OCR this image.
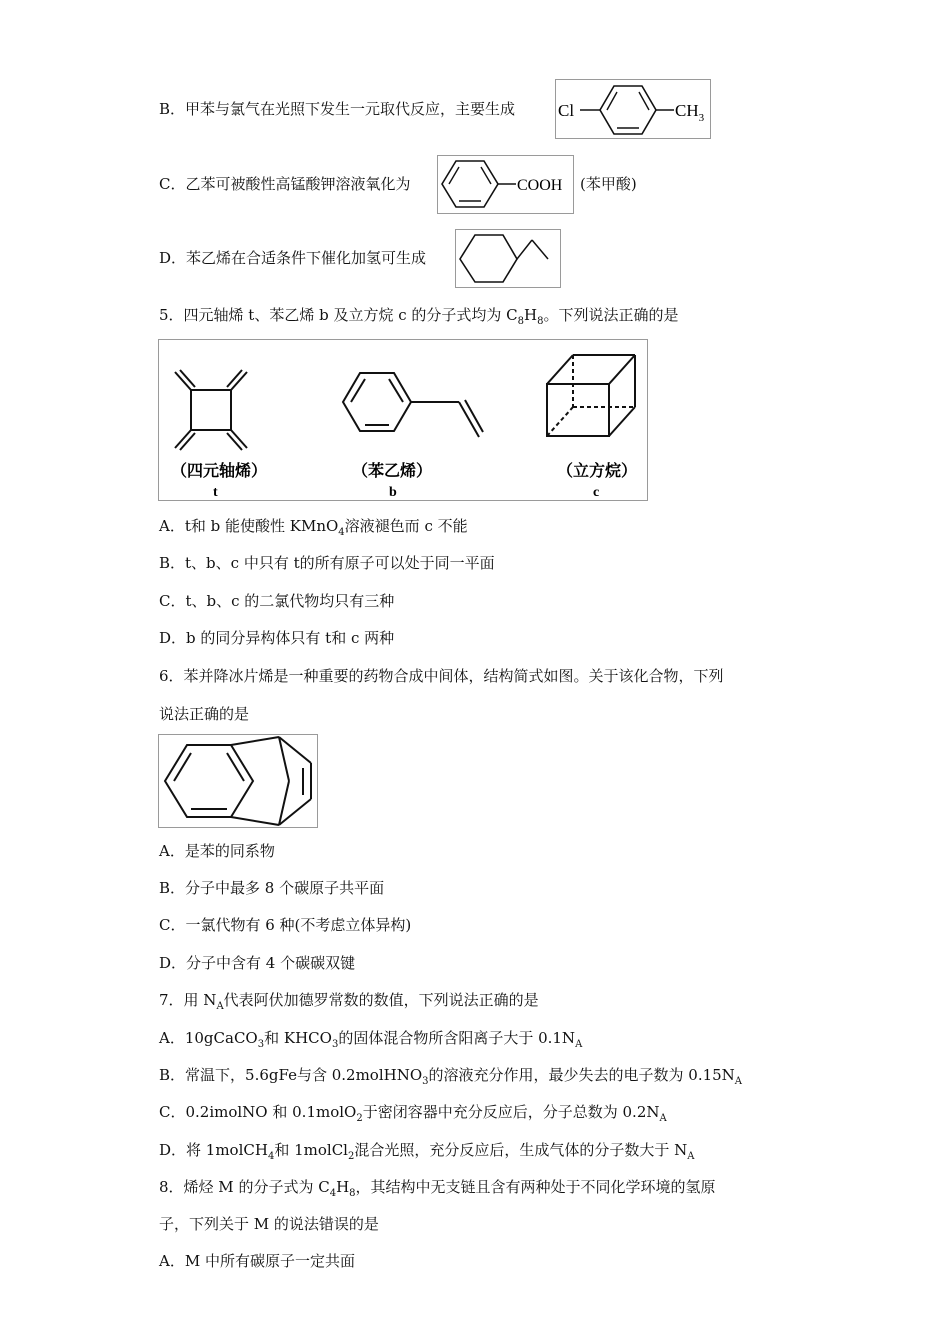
B．甲苯与氯气在光照下发生一元取代反应，主要生成	Cl	$CH_3$
C．乙苯可被酸性高锰酸钾溶液氧化为	COOH (苯甲酸)
D．苯乙烯在合适条件下催化加氢可生成
5．四元轴烯 t、苯乙烯 b 及立方烷 c 的分子式均为 $C_8H_8$。下列说法正确的是
（四元轴烯）
t
（苯乙烯）
b
（立方烷）
c
A．t和 b 能使酸性 KMnO$_4$溶液褪色而 c 不能
B．t、b、c 中只有 t的所有原子可以处于同一平面
C．t、b、c 的二氯代物均只有三种
D．b 的同分异构体只有 t和 c 两种
6．苯并降冰片烯是一种重要的药物合成中间体，结构简式如图。关于该化合物，下列
说法正确的是
A．是苯的同系物
B．分子中最多 8 个碳原子共平面
C．一氯代物有 6 种(不考虑立体异构)
D．分子中含有 4 个碳碳双键
7．用 $N_A$代表阿伏加德罗常数的数值，下列说法正确的是
A．10gCaCO$_3$和 $KHCO_3$的固体混合物所含阳离子大于 $0.1N_A$
B．常温下，5.6gFe与含 0.2molHNO$_3$的溶液充分作用，最少失去的电子数为 $0.15N_A$
C．0.2imolNO 和 0.1molO$_2$于密闭容器中充分反应后，分子总数为 $0.2N_A$
D．将 1molCH$_4$和 1molCl$_2$混合光照，充分反应后，生成气体的分子数大于 $N_A$
8．烯烃 M 的分子式为 $C_4H_8$，其结构中无支链且含有两种处于不同化学环境的氢原
子，下列关于 M 的说法错误的是
A．M 中所有碳原子一定共面
